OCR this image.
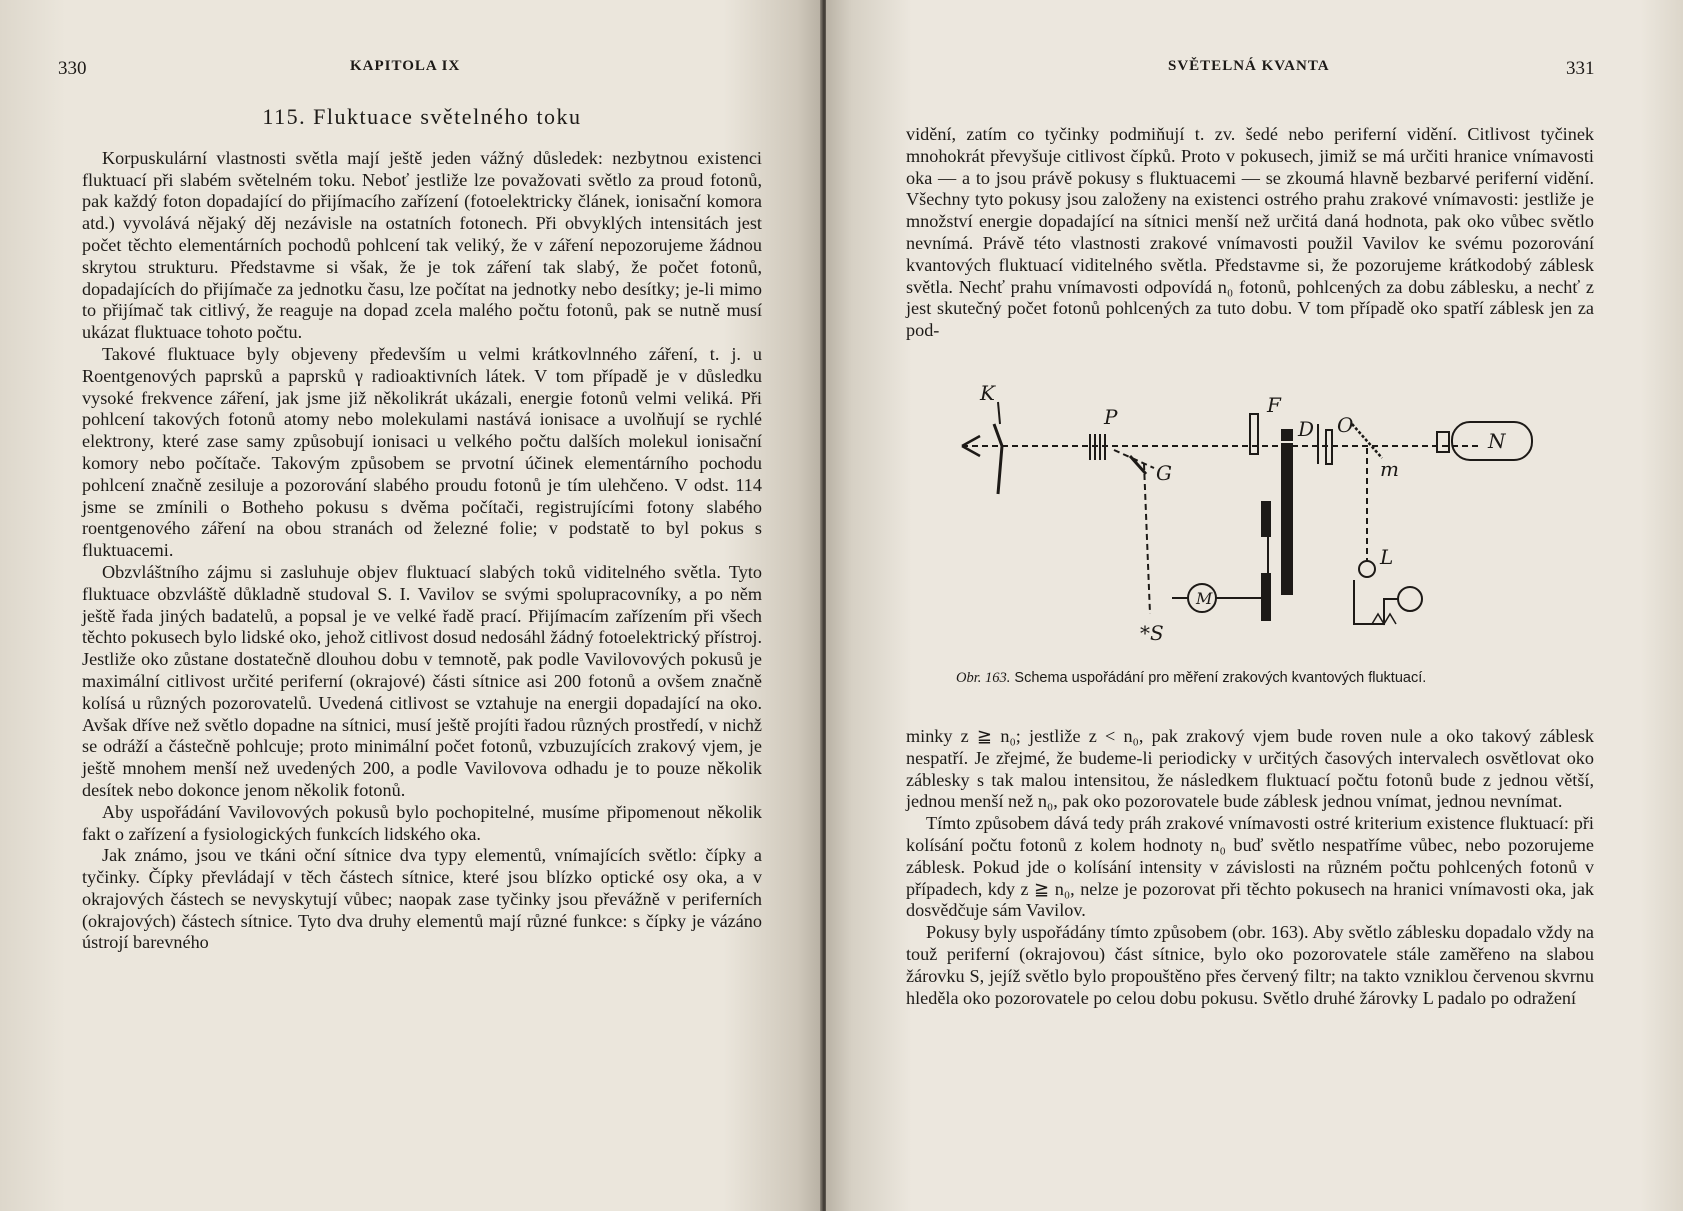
330	KAPITOLA IX
115. Fluktuace světelného toku

Korpuskulární vlastnosti světla mají ještě jeden vážný důsledek: nezbytnou existenci fluktuací při slabém světelném toku. Neboť jestliže lze považovati světlo za proud fotonů, pak každý foton dopadající do přijímacího zařízení (fotoelektricky článek, ionisační komora atd.) vyvolává nějaký děj nezávisle na ostatních fotonech. Při obvyklých intensitách jest počet těchto elementárních pochodů pohlcení tak veliký, že v záření nepozorujeme žádnou skrytou strukturu. Představme si však, že je tok záření tak slabý, že počet fotonů, dopadajících do přijímače za jednotku času, lze počítat na jednotky nebo desítky; je-li mimo to přijímač tak citlivý, že reaguje na dopad zcela malého počtu fotonů, pak se nutně musí ukázat fluktuace tohoto počtu.

Takové fluktuace byly objeveny především u velmi krátkovlnného záření, t. j. u Roentgenových paprsků a paprsků γ radioaktivních látek. V tom případě je v důsledku vysoké frekvence záření, jak jsme již několikrát ukázali, energie fotonů velmi veliká. Při pohlcení takových fotonů atomy nebo molekulami nastává ionisace a uvolňují se rychlé elektrony, které zase samy způsobují ionisaci u velkého počtu dalších molekul ionisační komory nebo počítače. Takovým způsobem se prvotní účinek elementárního pochodu pohlcení značně zesiluje a pozorování slabého proudu fotonů je tím ulehčeno. V odst. 114 jsme se zmínili o Botheho pokusu s dvěma počítači, registrujícími fotony slabého roentgenového záření na obou stranách od železné folie; v podstatě to byl pokus s fluktuacemi.

Obzvláštního zájmu si zasluhuje objev fluktuací slabých toků viditelného světla. Tyto fluktuace obzvláště důkladně studoval S. I. Vavilov se svými spolupracovníky, a po něm ještě řada jiných badatelů, a popsal je ve velké řadě prací. Přijímacím zařízením při všech těchto pokusech bylo lidské oko, jehož citlivost dosud nedosáhl žádný fotoelektrický přístroj. Jestliže oko zůstane dostatečně dlouhou dobu v temnotě, pak podle Vavilovových pokusů je maximální citlivost určité periferní (okrajové) části sítnice asi 200 fotonů a ovšem značně kolísá u různých pozorovatelů. Uvedená citlivost se vztahuje na energii dopadající na oko. Avšak dříve než světlo dopadne na sítnici, musí ještě projíti řadou různých prostředí, v nichž se odráží a částečně pohlcuje; proto minimální počet fotonů, vzbuzujících zrakový vjem, je ještě mnohem menší než uvedených 200, a podle Vavilovova odhadu je to pouze několik desítek nebo dokonce jenom několik fotonů.

Aby uspořádání Vavilovových pokusů bylo pochopitelné, musíme připomenout několik fakt o zařízení a fysiologických funkcích lidského oka.

Jak známo, jsou ve tkáni oční sítnice dva typy elementů, vnímajících světlo: čípky a tyčinky. Čípky převládají v těch částech sítnice, které jsou blízko optické osy oka, a v okrajových částech se nevyskytují vůbec; naopak zase tyčinky jsou převážně v periferních (okrajových) částech sítnice. Tyto dva druhy elementů mají různé funkce: s čípky je vázáno ústrojí barevného

SVĚTELNÁ KVANTA	331

vidění, zatím co tyčinky podmiňují t. zv. šedé nebo periferní vidění. Citlivost tyčinek mnohokrát převyšuje citlivost čípků. Proto v pokusech, jimiž se má určiti hranice vnímavosti oka — a to jsou právě pokusy s fluktuacemi — se zkoumá hlavně bezbarvé periferní vidění. Všechny tyto pokusy jsou založeny na existenci ostrého prahu zrakové vnímavosti: jestliže je množství energie dopadající na sítnici menší než určitá daná hodnota, pak oko vůbec světlo nevnímá. Právě této vlastnosti zrakové vnímavosti použil Vavilov ke svému pozorování kvantových fluktuací viditelného světla. Představme si, že pozorujeme krátkodobý záblesk světla. Nechť prahu vnímavosti odpovídá n₀ fotonů, pohlcených za dobu záblesku, a nechť z jest skutečný počet fotonů pohlcených za tuto dobu. V tom případě oko spatří záblesk jen za pod-

K
P	F
D O
N
m
G
L
M
*S
Obr. 163. Schema uspořádání pro měření zrakových kvantových fluktuací.

minky z ≧ n₀; jestliže z < n₀, pak zrakový vjem bude roven nule a oko takový záblesk nespatří. Je zřejmé, že budeme-li periodicky v určitých časových intervalech osvětlovat oko záblesky s tak malou intensitou, že následkem fluktuací počtu fotonů bude z jednou větší, jednou menší než n₀, pak oko pozorovatele bude záblesk jednou vnímat, jednou nevnímat.

Tímto způsobem dává tedy práh zrakové vnímavosti ostré kriterium existence fluktuací: při kolísání počtu fotonů z kolem hodnoty n₀ buď světlo nespatříme vůbec, nebo pozorujeme záblesk. Pokud jde o kolísání intensity v závislosti na různém počtu pohlcených fotonů v případech, kdy z ≧ n₀, nelze je pozorovat při těchto pokusech na hranici vnímavosti oka, jak dosvědčuje sám Vavilov.

Pokusy byly uspořádány tímto způsobem (obr. 163). Aby světlo záblesku dopadalo vždy na touž periferní (okrajovou) část sítnice, bylo oko pozorovatele stále zaměřeno na slabou žárovku S, jejíž světlo bylo propouštěno přes červený filtr; na takto vzniklou červenou skvrnu hleděla oko pozorovatele po celou dobu pokusu. Světlo druhé žárovky L padalo po odražení
